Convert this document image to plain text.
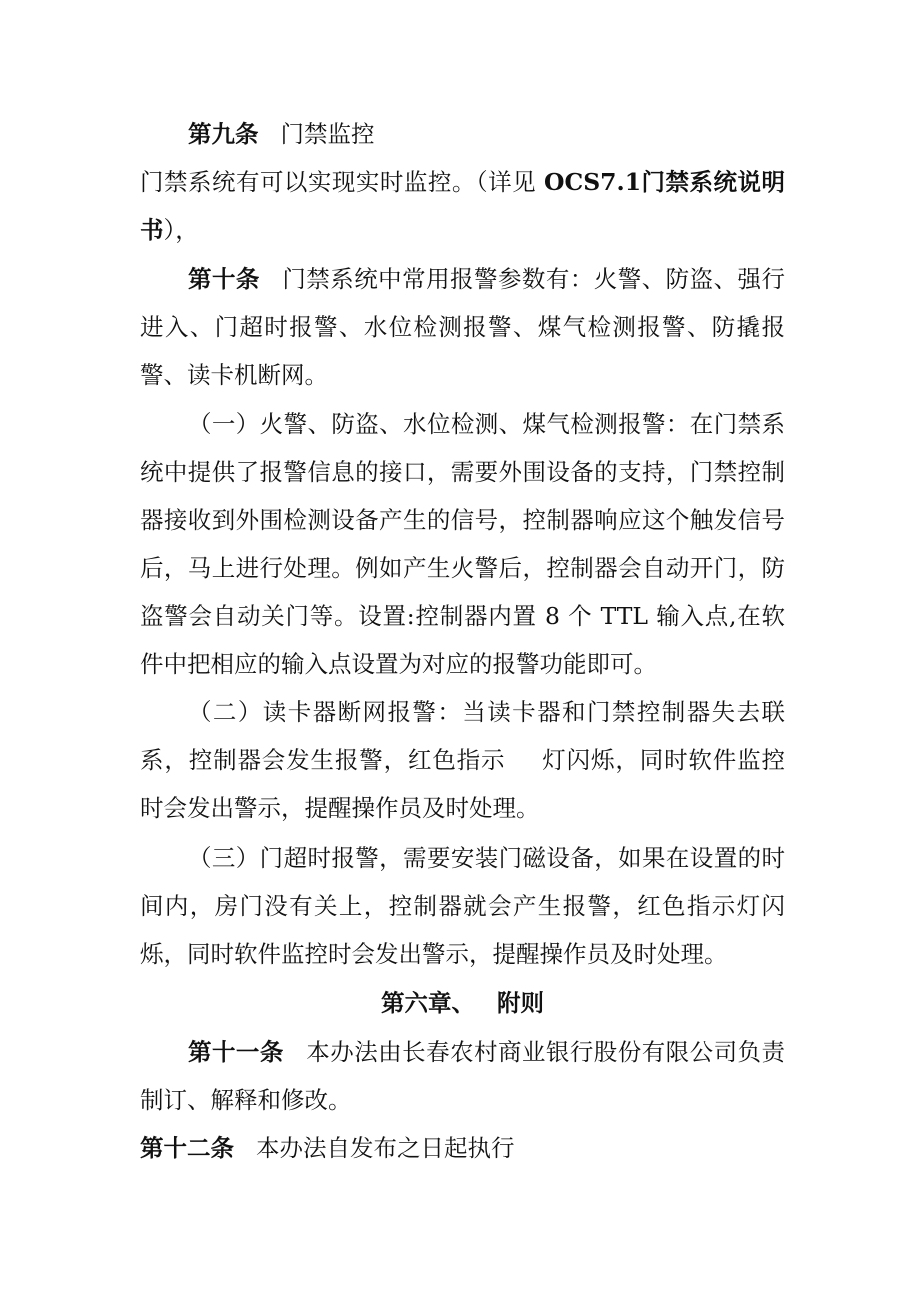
第九条 门禁监控

门禁系统有可以实现实时监控。（详见 OCS7.1门禁系统说明书），

第十条 门禁系统中常用报警参数有：火警、防盗、强行进入、门超时报警、水位检测报警、煤气检测报警、防撬报警、读卡机断网。

（一）火警、防盗、水位检测、煤气检测报警：在门禁系统中提供了报警信息的接口，需要外围设备的支持，门禁控制器接收到外围检测设备产生的信号，控制器响应这个触发信号后，马上进行处理。例如产生火警后，控制器会自动开门，防盗警会自动关门等。设置:控制器内置 8 个 TTL 输入点,在软件中把相应的输入点设置为对应的报警功能即可。

（二）读卡器断网报警：当读卡器和门禁控制器失去联系，控制器会发生报警，红色指示 灯闪烁，同时软件监控时会发出警示，提醒操作员及时处理。

（三）门超时报警，需要安装门磁设备，如果在设置的时间内，房门没有关上，控制器就会产生报警，红色指示灯闪烁，同时软件监控时会发出警示，提醒操作员及时处理。

第六章、 附则

第十一条 本办法由长春农村商业银行股份有限公司负责制订、解释和修改。

第十二条 本办法自发布之日起执行
